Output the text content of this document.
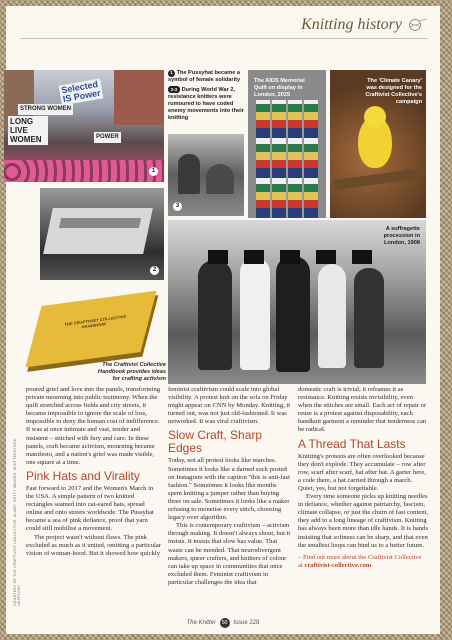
Knitting history
STRONG WOMEN
LONG LIVE WOMEN
Selected IS Power
POWER
1
1 The Pussyhat became a symbol of female solidarity
2-3 During World War 2, resistance knitters were rumoured to have coded enemy movements into their knitting
3
The AIDS Memorial Quilt on display in London, 2025
The 'Climate Canary' was designed for the Craftivist Collective's campaign
2
A suffragette procession in London, 1908
THE CRAFTIVIST COLLECTIVE HANDBOOK
The Craftivist Collective Handbook provides ideas for crafting activism
COURTESY OF THE CRAFTIVIST COLLECTIVE, ALAMY, GETTY IMAGES, SHUTTERSTOCK, UNSPLASH

poured grief and love into the panels, transforming private mourning into public testimony. When the quilt stretched across fields and city streets, it became impossible to ignore the scale of loss, impossible to deny the human cost of indifference. It was at once intimate and vast, tender and insistent – stitched with fury and care. In these panels, craft became activism, mourning became manifesto, and a nation's grief was made visible, one square at a time.

Pink Hats and Virality

Fast forward to 2017 and the Women's March in the USA. A simple pattern of two knitted rectangles seamed into cat-eared hats, spread online and onto streets worldwide. The Pussyhat became a sea of pink defiance, proof that yarn could still mobilise a movement.

The project wasn't without flaws. The pink excluded as much as it united, omitting a particular vision of woman-hood. But it showed how quickly

feminist craftivism could scale into global visibility. A protest knit on the sofa on Friday might appear on CNN by Monday. Knitting, it turned out, was not just old-fashioned. It was networked. It was viral craftivism.

Slow Craft, Sharp Edges

Today, not all protest looks like marches. Sometimes it looks like a darned sock posted on Instagram with the caption "this is anti-fast fashion." Sometimes it looks like months spent knitting a jumper rather than buying three on sale. Sometimes it looks like a maker refusing to monetise every stitch, choosing legacy over algorithm.

This is contemporary craftivism – activism through making. It doesn't always shout, but it insists. It insists that slow has value. That waste can be mended. That neurodivergent makers, queer crafters, and knitters of colour can take up space in communities that once excluded them. Feminist craftivism in particular challenges the idea that

domestic craft is trivial; it reframes it as resistance. Knitting resists invisibility, even when the stitches are small. Each act of repair or reuse is a protest against disposability, each handknit garment a reminder that tenderness can be radical.

A Thread That Lasts

Knitting's protests are often overlooked because they don't explode. They accumulate – row after row, scarf after scarf, hat after hat. A garter here, a code there, a hat carried through a march. Quiet, yes, but not forgettable.

Every time someone picks up knitting needles in defiance, whether against patriarchy, fascism, climate collapse, or just the churn of fast content, they add to a long lineage of craftivism. Knitting has always been more than idle hands. It is hands insisting that softness can be sharp, and that even the smallest loops can bind us to a better future.

– Find out more about the Craftivist Collective at craftivist-collective.com

The Knitter 50 Issue 228
